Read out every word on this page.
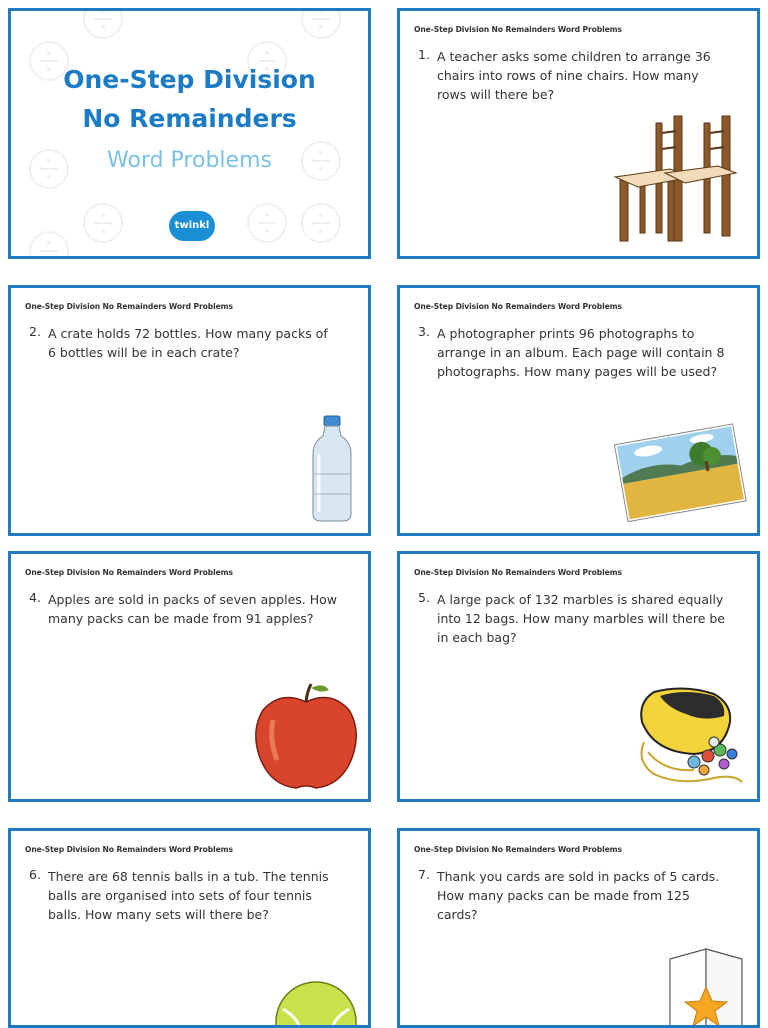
One-Step Division
No Remainders
Word Problems
twinkl
One-Step Division No Remainders Word Problems
1. A teacher asks some children to arrange 36 chairs into rows of nine chairs. How many rows will there be?
One-Step Division No Remainders Word Problems
2. A crate holds 72 bottles. How many packs of 6 bottles will be in each crate?
One-Step Division No Remainders Word Problems
3. A photographer prints 96 photographs to arrange in an album. Each page will contain 8 photographs. How many pages will be used?
One-Step Division No Remainders Word Problems
4. Apples are sold in packs of seven apples. How many packs can be made from 91 apples?
One-Step Division No Remainders Word Problems
5. A large pack of 132 marbles is shared equally into 12 bags. How many marbles will there be in each bag?
One-Step Division No Remainders Word Problems
6. There are 68 tennis balls in a tub. The tennis balls are organised into sets of four tennis balls. How many sets will there be?
One-Step Division No Remainders Word Problems
7. Thank you cards are sold in packs of 5 cards. How many packs can be made from 125 cards?
